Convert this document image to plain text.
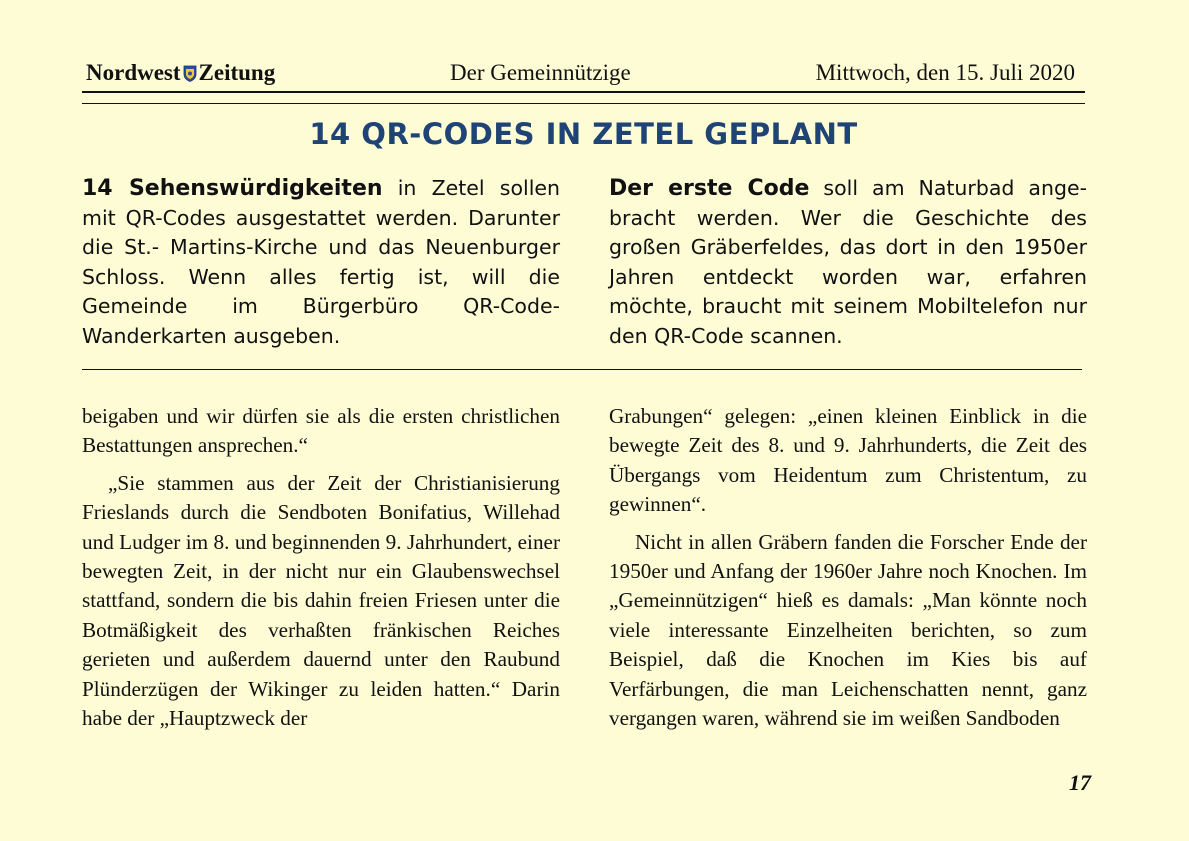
Nordwest Zeitung	Der Gemeinnützige	Mittwoch, den 15. Juli 2020
14 QR-CODES IN ZETEL GEPLANT
14 Sehenswürdigkeiten in Zetel sollen mit QR-Codes ausgestattet werden. Darunter die St.- Martins-Kirche und das Neuenburger Schloss. Wenn alles fertig ist, will die Gemeinde im Bürgerbüro QR-Code-Wanderkarten ausgeben.
Der erste Code soll am Naturbad angebracht werden. Wer die Geschichte des großen Gräberfeldes, das dort in den 1950er Jahren entdeckt worden war, erfahren möchte, braucht mit seinem Mobiltelefon nur den QR-Code scannen.

beigaben und wir dürfen sie als die ersten christlichen Bestattungen ansprechen.“

„Sie stammen aus der Zeit der Christianisierung Frieslands durch die Sendboten Bonifatius, Willehad und Ludger im 8. und beginnenden 9. Jahrhundert, einer bewegten Zeit, in der nicht nur ein Glaubenswechsel stattfand, sondern die bis dahin freien Friesen unter die Botmäßigkeit des verhaßten fränkischen Reiches gerieten und außerdem dauernd unter den Raubund Plünderzügen der Wikinger zu leiden hatten.“ Darin habe der „Hauptzweck der

Grabungen“ gelegen: „einen kleinen Einblick in die bewegte Zeit des 8. und 9. Jahrhunderts, die Zeit des Übergangs vom Heidentum zum Christentum, zu gewinnen“.

Nicht in allen Gräbern fanden die Forscher Ende der 1950er und Anfang der 1960er Jahre noch Knochen. Im „Gemeinnützigen“ hieß es damals: „Man könnte noch viele interessante Einzelheiten berichten, so zum Beispiel, daß die Knochen im Kies bis auf Verfärbungen, die man Leichenschatten nennt, ganz vergangen waren, während sie im weißen Sandboden

17
